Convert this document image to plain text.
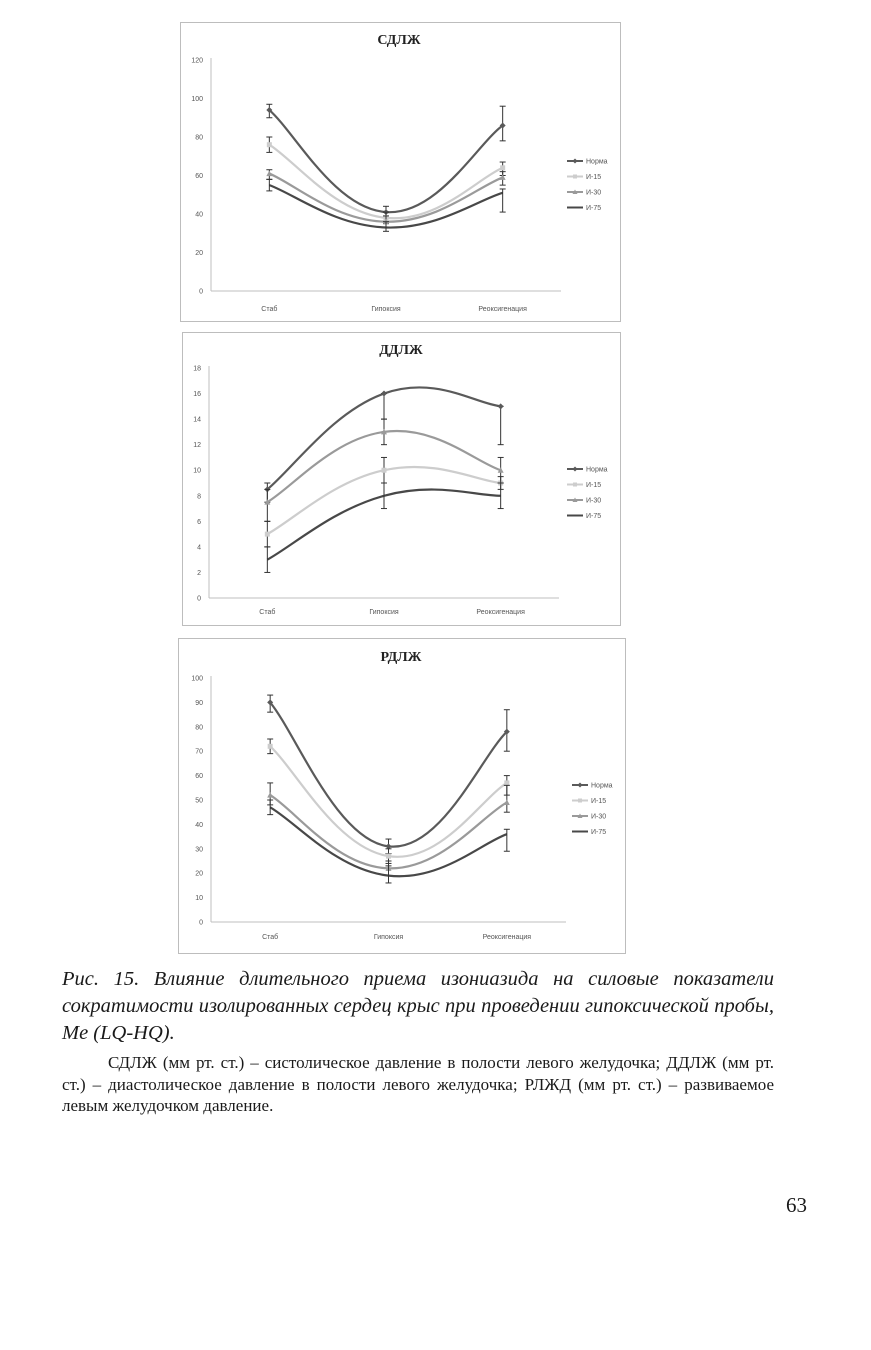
СДЛЖ
0
20
40
60
80
100
120
Стаб	Гипоксия	Реоксигенация
Норма
И-15
И-30
И-75
ДДЛЖ
0
2
4
6
8
10
12
14
16
18
Стаб	Гипоксия	Реоксигенация
Норма
И-15
И-30
И-75
РДЛЖ
0
10
20
30
40
50
60
70
80
90
100
Стаб	Гипоксия	Реоксигенация
Норма
И-15
И-30
И-75
Рис. 15. Влияние длительного приема изониазида на силовые показатели сократимости изолированных сердец крыс при проведении гипоксической пробы, Me (LQ-HQ).
СДЛЖ (мм рт. ст.) – систолическое давление в полости левого желудочка; ДДЛЖ (мм рт. ст.) – диастолическое давление в полости левого желудочка; РЛЖД (мм рт. ст.) – развиваемое левым желудочком давление.
63
